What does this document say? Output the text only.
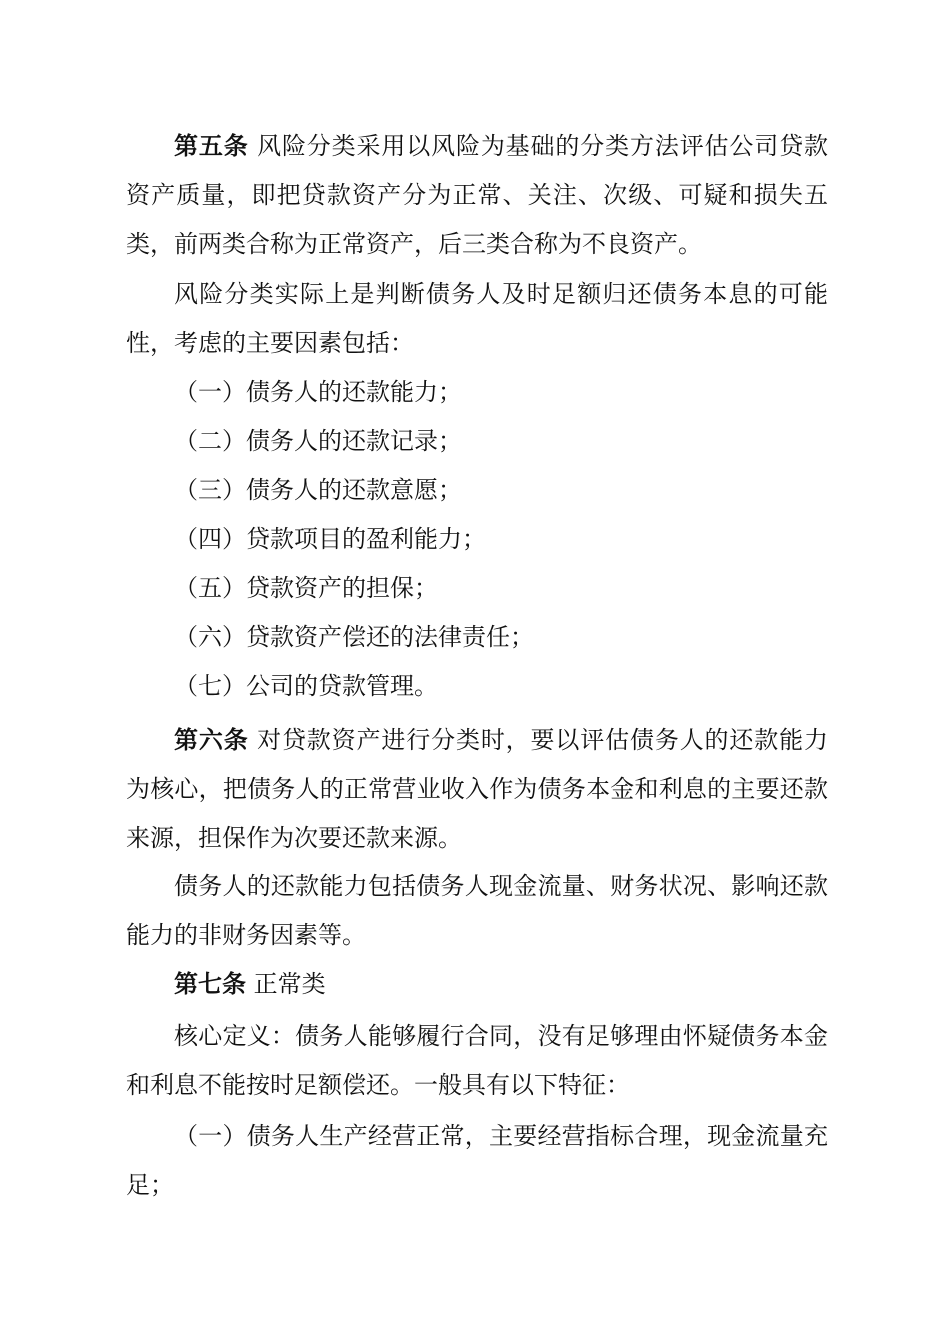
第五条 风险分类采用以风险为基础的分类方法评估公司贷款资产质量，即把贷款资产分为正常、关注、次级、可疑和损失五类，前两类合称为正常资产，后三类合称为不良资产。

风险分类实际上是判断债务人及时足额归还债务本息的可能性，考虑的主要因素包括：

（一）债务人的还款能力；

（二）债务人的还款记录；

（三）债务人的还款意愿；

（四）贷款项目的盈利能力；

（五）贷款资产的担保；

（六）贷款资产偿还的法律责任；

（七）公司的贷款管理。

第六条 对贷款资产进行分类时，要以评估债务人的还款能力为核心，把债务人的正常营业收入作为债务本金和利息的主要还款来源，担保作为次要还款来源。

债务人的还款能力包括债务人现金流量、财务状况、影响还款能力的非财务因素等。

第七条 正常类

核心定义：债务人能够履行合同，没有足够理由怀疑债务本金和利息不能按时足额偿还。一般具有以下特征：

（一）债务人生产经营正常，主要经营指标合理，现金流量充足；
